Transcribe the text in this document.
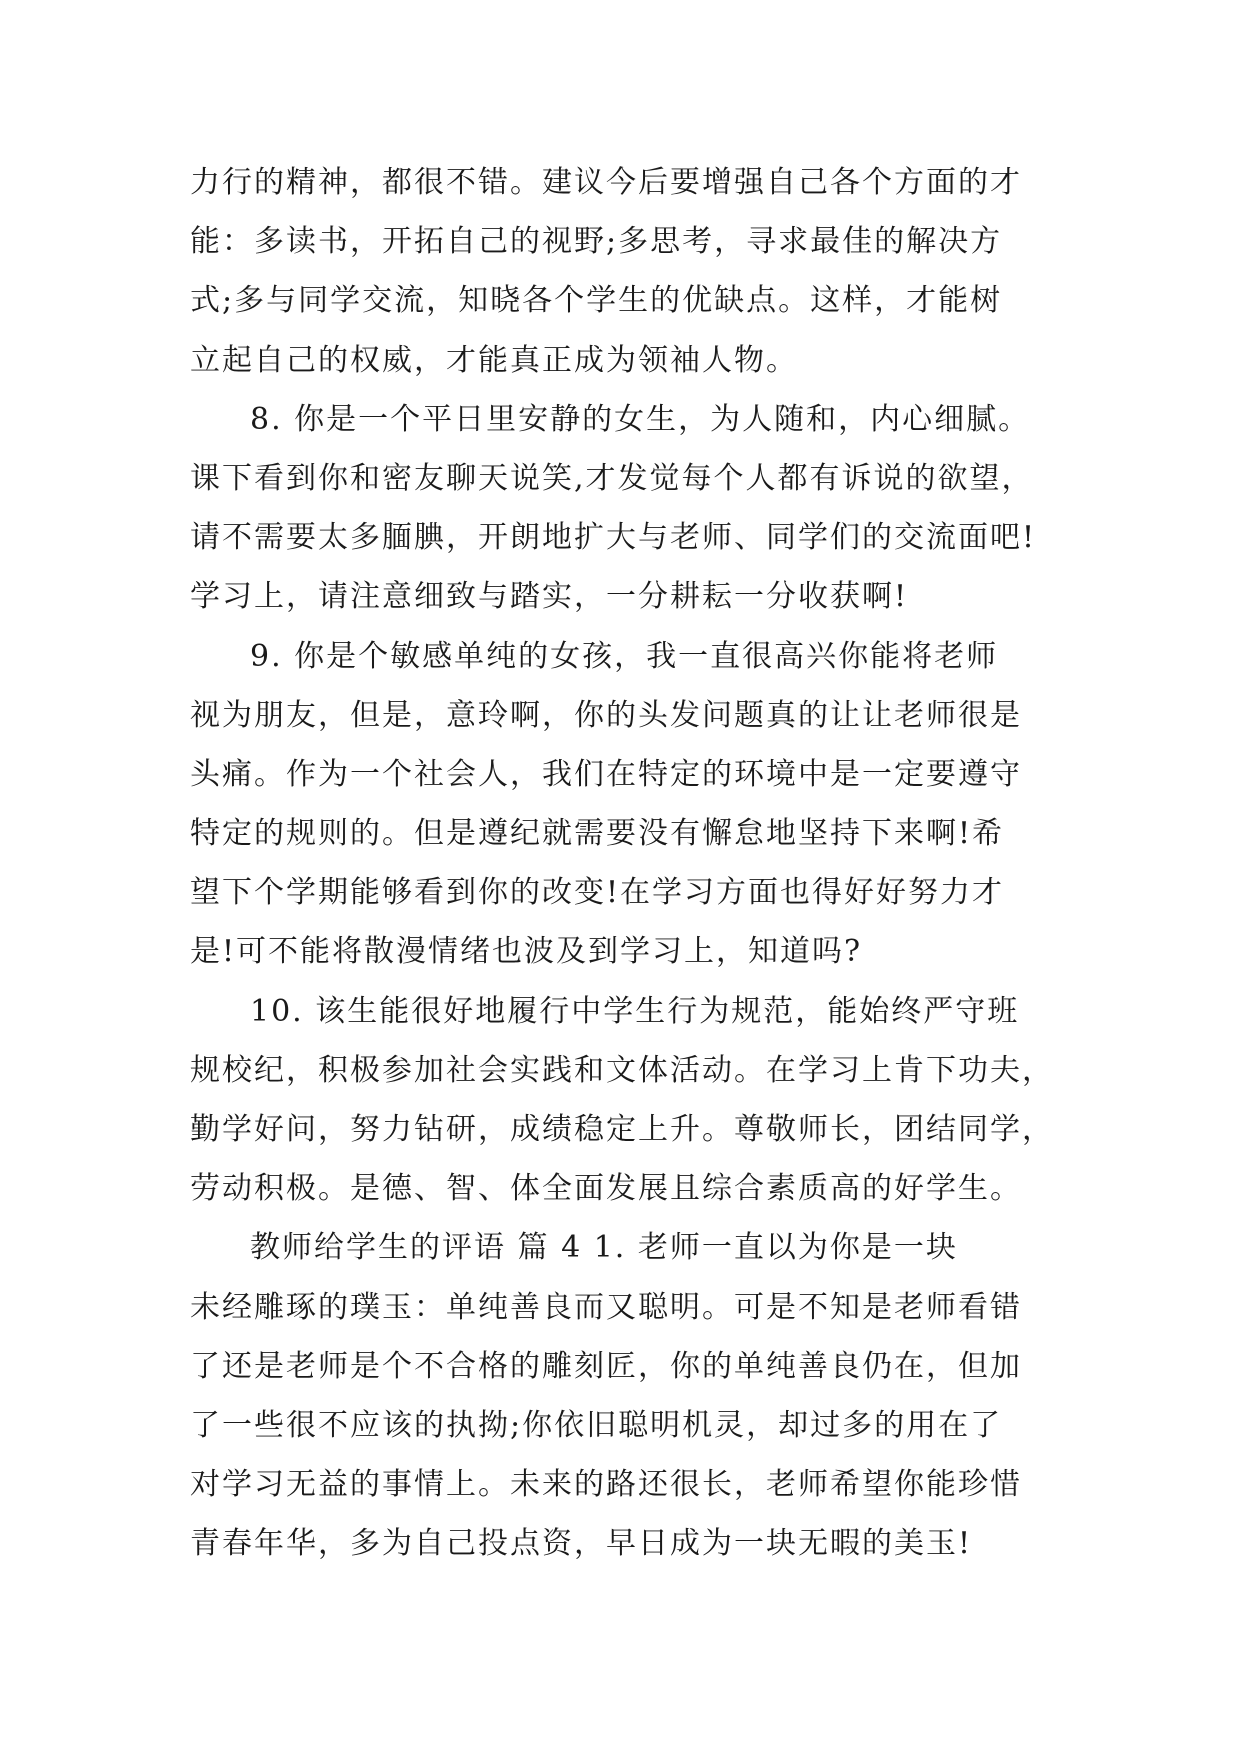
力行的精神，都很不错。建议今后要增强自己各个方面的才
能：多读书，开拓自己的视野;多思考，寻求最佳的解决方
式;多与同学交流，知晓各个学生的优缺点。这样，才能树
立起自己的权威，才能真正成为领袖人物。
8. 你是一个平日里安静的女生，为人随和，内心细腻。
课下看到你和密友聊天说笑,才发觉每个人都有诉说的欲望，
请不需要太多腼腆，开朗地扩大与老师、同学们的交流面吧!
学习上，请注意细致与踏实，一分耕耘一分收获啊!
9. 你是个敏感单纯的女孩，我一直很高兴你能将老师
视为朋友，但是，意玲啊，你的头发问题真的让让老师很是
头痛。作为一个社会人，我们在特定的环境中是一定要遵守
特定的规则的。但是遵纪就需要没有懈怠地坚持下来啊!希
望下个学期能够看到你的改变!在学习方面也得好好努力才
是!可不能将散漫情绪也波及到学习上，知道吗?
10. 该生能很好地履行中学生行为规范，能始终严守班
规校纪，积极参加社会实践和文体活动。在学习上肯下功夫，
勤学好问，努力钻研，成绩稳定上升。尊敬师长，团结同学，
劳动积极。是德、智、体全面发展且综合素质高的好学生。
教师给学生的评语 篇 4 1. 老师一直以为你是一块
未经雕琢的璞玉：单纯善良而又聪明。可是不知是老师看错
了还是老师是个不合格的雕刻匠，你的单纯善良仍在，但加
了一些很不应该的执拗;你依旧聪明机灵，却过多的用在了
对学习无益的事情上。未来的路还很长，老师希望你能珍惜
青春年华，多为自己投点资，早日成为一块无暇的美玉!
